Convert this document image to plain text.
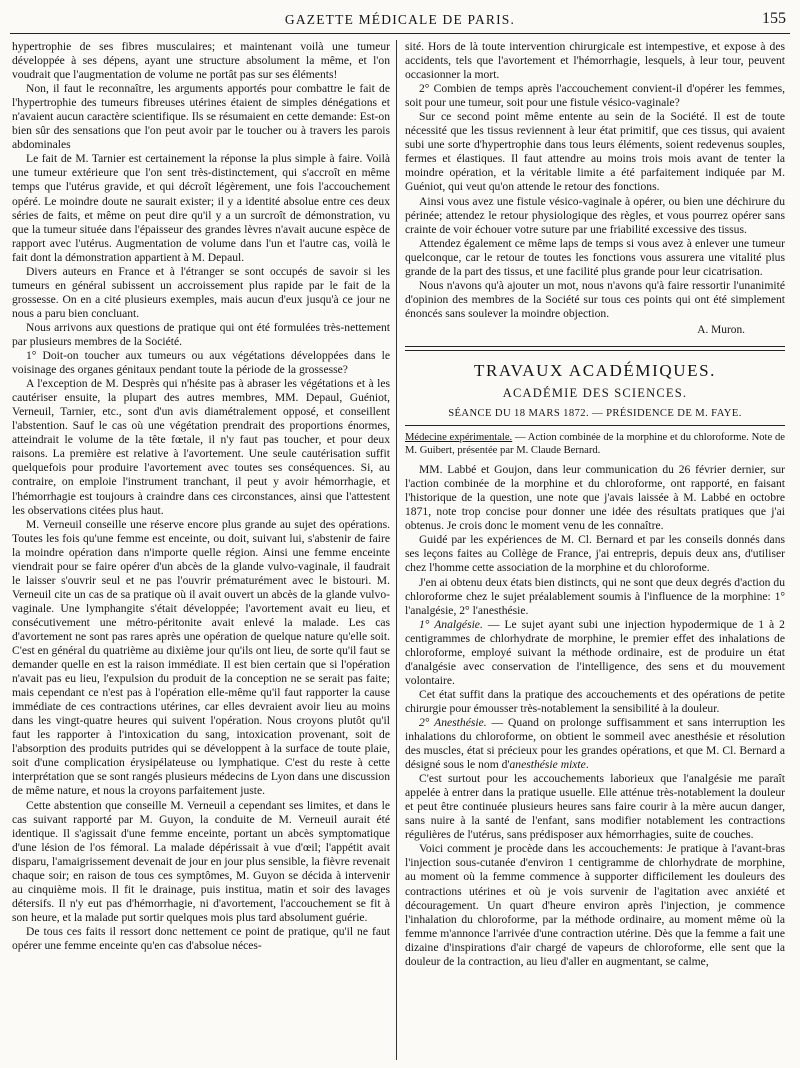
GAZETTE MÉDICALE DE PARIS.	155

hypertrophie de ses fibres musculaires; et maintenant voilà une tumeur développée à ses dépens, ayant une structure absolument la même, et l'on voudrait que l'augmentation de volume ne portât pas sur ses éléments!

Non, il faut le reconnaître, les arguments apportés pour combattre le fait de l'hypertrophie des tumeurs fibreuses utérines étaient de simples dénégations et n'avaient aucun caractère scientifique. Ils se résumaient en cette demande: Est-on bien sûr des sensations que l'on peut avoir par le toucher ou à travers les parois abdominales

Le fait de M. Tarnier est certainement la réponse la plus simple à faire. Voilà une tumeur extérieure que l'on sent très-distinctement, qui s'accroît en même temps que l'utérus gravide, et qui décroît légèrement, une fois l'accouchement opéré. Le moindre doute ne saurait exister; il y a identité absolue entre ces deux séries de faits, et même on peut dire qu'il y a un surcroît de démonstration, vu que la tumeur située dans l'épaisseur des grandes lèvres n'avait aucune espèce de rapport avec l'utérus. Augmentation de volume dans l'un et l'autre cas, voilà le fait dont la démonstration appartient à M. Depaul.

Divers auteurs en France et à l'étranger se sont occupés de savoir si les tumeurs en général subissent un accroissement plus rapide par le fait de la grossesse. On en a cité plusieurs exemples, mais aucun d'eux jusqu'à ce jour ne nous a paru bien concluant.

Nous arrivons aux questions de pratique qui ont été formulées très-nettement par plusieurs membres de la Société.

1° Doit-on toucher aux tumeurs ou aux végétations développées dans le voisinage des organes génitaux pendant toute la période de la grossesse?

A l'exception de M. Desprès qui n'hésite pas à abraser les végétations et à les cautériser ensuite, la plupart des autres membres, MM. Depaul, Guéniot, Verneuil, Tarnier, etc., sont d'un avis diamétralement opposé, et conseillent l'abstention. Sauf le cas où une végétation prendrait des proportions énormes, atteindrait le volume de la tête fœtale, il n'y faut pas toucher, et pour deux raisons. La première est relative à l'avortement. Une seule cautérisation suffit quelquefois pour produire l'avortement avec toutes ses conséquences. Si, au contraire, on emploie l'instrument tranchant, il peut y avoir hémorrhagie, et l'hémorrhagie est toujours à craindre dans ces circonstances, ainsi que l'attestent les observations citées plus haut.

M. Verneuil conseille une réserve encore plus grande au sujet des opérations. Toutes les fois qu'une femme est enceinte, ou doit, suivant lui, s'abstenir de faire la moindre opération dans n'importe quelle région. Ainsi une femme enceinte viendrait pour se faire opérer d'un abcès de la glande vulvo-vaginale, il faudrait le laisser s'ouvrir seul et ne pas l'ouvrir prématurément avec le bistouri. M. Verneuil cite un cas de sa pratique où il avait ouvert un abcès de la glande vulvo-vaginale. Une lymphangite s'était développée; l'avortement avait eu lieu, et consécutivement une métro-péritonite avait enlevé la malade. Les cas d'avortement ne sont pas rares après une opération de quelque nature qu'elle soit. C'est en général du quatrième au dixième jour qu'ils ont lieu, de sorte qu'il faut se demander quelle en est la raison immédiate. Il est bien certain que si l'opération n'avait pas eu lieu, l'expulsion du produit de la conception ne se serait pas faite; mais cependant ce n'est pas à l'opération elle-même qu'il faut rapporter la cause immédiate de ces contractions utérines, car elles devraient avoir lieu au moins dans les vingt-quatre heures qui suivent l'opération. Nous croyons plutôt qu'il faut les rapporter à l'intoxication du sang, intoxication provenant, soit de l'absorption des produits putrides qui se développent à la surface de toute plaie, soit d'une complication érysipélateuse ou lymphatique. C'est du reste à cette interprétation que se sont rangés plusieurs médecins de Lyon dans une discussion de même nature, et nous la croyons parfaitement juste.

Cette abstention que conseille M. Verneuil a cependant ses limites, et dans le cas suivant rapporté par M. Guyon, la conduite de M. Verneuil aurait été identique. Il s'agissait d'une femme enceinte, portant un abcès symptomatique d'une lésion de l'os fémoral. La malade dépérissait à vue d'œil; l'appétit avait disparu, l'amaigrissement devenait de jour en jour plus sensible, la fièvre revenait chaque soir; en raison de tous ces symptômes, M. Guyon se décida à intervenir au cinquième mois. Il fit le drainage, puis institua, matin et soir des lavages détersifs. Il n'y eut pas d'hémorrhagie, ni d'avortement, l'accouchement se fit à son heure, et la malade put sortir quelques mois plus tard absolument guérie.

De tous ces faits il ressort donc nettement ce point de pratique, qu'il ne faut opérer une femme enceinte qu'en cas d'absolue néces-

sité. Hors de là toute intervention chirurgicale est intempestive, et expose à des accidents, tels que l'avortement et l'hémorrhagie, lesquels, à leur tour, peuvent occasionner la mort.

2° Combien de temps après l'accouchement convient-il d'opérer les femmes, soit pour une tumeur, soit pour une fistule vésico-vaginale?

Sur ce second point même entente au sein de la Société. Il est de toute nécessité que les tissus reviennent à leur état primitif, que ces tissus, qui avaient subi une sorte d'hypertrophie dans tous leurs éléments, soient redevenus souples, fermes et élastiques. Il faut attendre au moins trois mois avant de tenter la moindre opération, et la véritable limite a été parfaitement indiquée par M. Guéniot, qui veut qu'on attende le retour des fonctions.

Ainsi vous avez une fistule vésico-vaginale à opérer, ou bien une déchirure du périnée; attendez le retour physiologique des règles, et vous pourrez opérer sans crainte de voir échouer votre suture par une friabilité excessive des tissus.

Attendez également ce même laps de temps si vous avez à enlever une tumeur quelconque, car le retour de toutes les fonctions vous assurera une vitalité plus grande de la part des tissus, et une facilité plus grande pour leur cicatrisation.

Nous n'avons qu'à ajouter un mot, nous n'avons qu'à faire ressortir l'unanimité d'opinion des membres de la Société sur tous ces points qui ont été simplement énoncés sans soulever la moindre objection.

A. Muron.
TRAVAUX ACADÉMIQUES.
ACADÉMIE DES SCIENCES.
SÉANCE DU 18 MARS 1872. — PRÉSIDENCE DE M. FAYE.
Médecine expérimentale. — Action combinée de la morphine et du chloroforme. Note de M. Guibert, présentée par M. Claude Bernard.

MM. Labbé et Goujon, dans leur communication du 26 février dernier, sur l'action combinée de la morphine et du chloroforme, ont rapporté, en faisant l'historique de la question, une note que j'avais laissée à M. Labbé en octobre 1871, note trop concise pour donner une idée des résultats pratiques que j'ai obtenus. Je crois donc le moment venu de les connaître.

Guidé par les expériences de M. Cl. Bernard et par les conseils donnés dans ses leçons faites au Collège de France, j'ai entrepris, depuis deux ans, d'utiliser chez l'homme cette association de la morphine et du chloroforme.

J'en ai obtenu deux états bien distincts, qui ne sont que deux degrés d'action du chloroforme chez le sujet préalablement soumis à l'influence de la morphine: 1° l'analgésie, 2° l'anesthésie.

1° Analgésie. — Le sujet ayant subi une injection hypodermique de 1 à 2 centigrammes de chlorhydrate de morphine, le premier effet des inhalations de chloroforme, employé suivant la méthode ordinaire, est de produire un état d'analgésie avec conservation de l'intelligence, des sens et du mouvement volontaire.

Cet état suffit dans la pratique des accouchements et des opérations de petite chirurgie pour émousser très-notablement la sensibilité à la douleur.

2° Anesthésie. — Quand on prolonge suffisamment et sans interruption les inhalations du chloroforme, on obtient le sommeil avec anesthésie et résolution des muscles, état si précieux pour les grandes opérations, et que M. Cl. Bernard a désigné sous le nom d'anesthésie mixte.

C'est surtout pour les accouchements laborieux que l'analgésie me paraît appelée à entrer dans la pratique usuelle. Elle atténue très-notablement la douleur et peut être continuée plusieurs heures sans faire courir à la mère aucun danger, sans nuire à la santé de l'enfant, sans modifier notablement les contractions régulières de l'utérus, sans prédisposer aux hémorrhagies, suite de couches.

Voici comment je procède dans les accouchements: Je pratique à l'avant-bras l'injection sous-cutanée d'environ 1 centigramme de chlorhydrate de morphine, au moment où la femme commence à supporter difficilement les douleurs des contractions utérines et où je vois survenir de l'agitation avec anxiété et découragement. Un quart d'heure environ après l'injection, je commence l'inhalation du chloroforme, par la méthode ordinaire, au moment même où la femme m'annonce l'arrivée d'une contraction utérine. Dès que la femme a fait une dizaine d'inspirations d'air chargé de vapeurs de chloroforme, elle sent que la douleur de la contraction, au lieu d'aller en augmentant, se calme,
